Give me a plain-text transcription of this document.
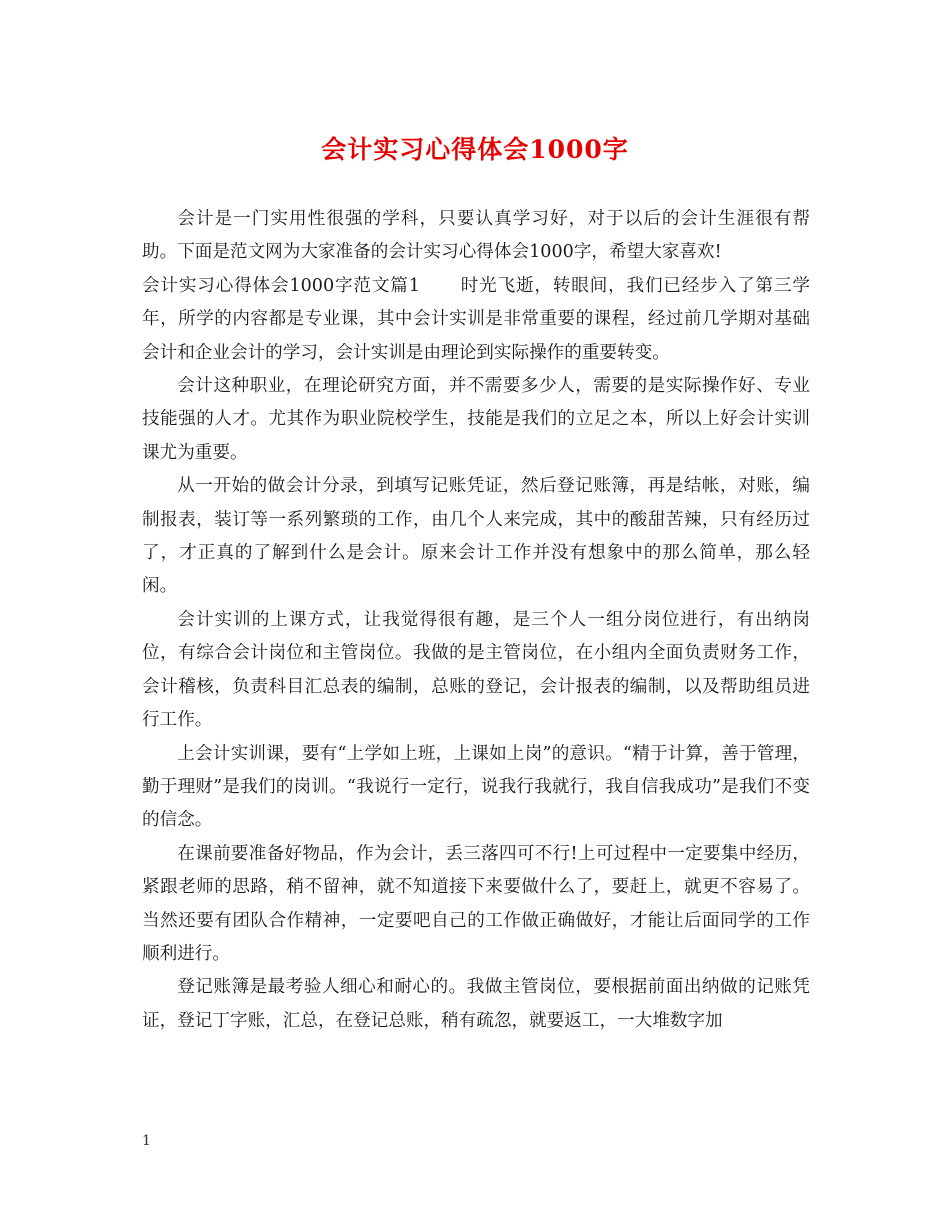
会计实习心得体会1000字

会计是一门实用性很强的学科，只要认真学习好，对于以后的会计生涯很有帮助。下面是范文网为大家准备的会计实习心得体会1000字，希望大家喜欢!

会计实习心得体会1000字范文篇1 时光飞逝，转眼间，我们已经步入了第三学年，所学的内容都是专业课，其中会计实训是非常重要的课程，经过前几学期对基础会计和企业会计的学习，会计实训是由理论到实际操作的重要转变。

会计这种职业，在理论研究方面，并不需要多少人，需要的是实际操作好、专业技能强的人才。尤其作为职业院校学生，技能是我们的立足之本，所以上好会计实训课尤为重要。

从一开始的做会计分录，到填写记账凭证，然后登记账簿，再是结帐，对账，编制报表，装订等一系列繁琐的工作，由几个人来完成，其中的酸甜苦辣，只有经历过了，才正真的了解到什么是会计。原来会计工作并没有想象中的那么简单，那么轻闲。

会计实训的上课方式，让我觉得很有趣，是三个人一组分岗位进行，有出纳岗位，有综合会计岗位和主管岗位。我做的是主管岗位，在小组内全面负责财务工作，会计稽核，负责科目汇总表的编制，总账的登记，会计报表的编制，以及帮助组员进行工作。

上会计实训课，要有“上学如上班，上课如上岗”的意识。“精于计算，善于管理，勤于理财”是我们的岗训。“我说行一定行，说我行我就行，我自信我成功”是我们不变的信念。

在课前要准备好物品，作为会计，丢三落四可不行!上可过程中一定要集中经历，紧跟老师的思路，稍不留神，就不知道接下来要做什么了，要赶上，就更不容易了。当然还要有团队合作精神，一定要吧自己的工作做正确做好，才能让后面同学的工作顺利进行。

登记账簿是最考验人细心和耐心的。我做主管岗位，要根据前面出纳做的记账凭证，登记丁字账，汇总，在登记总账，稍有疏忽，就要返工，一大堆数字加

1
